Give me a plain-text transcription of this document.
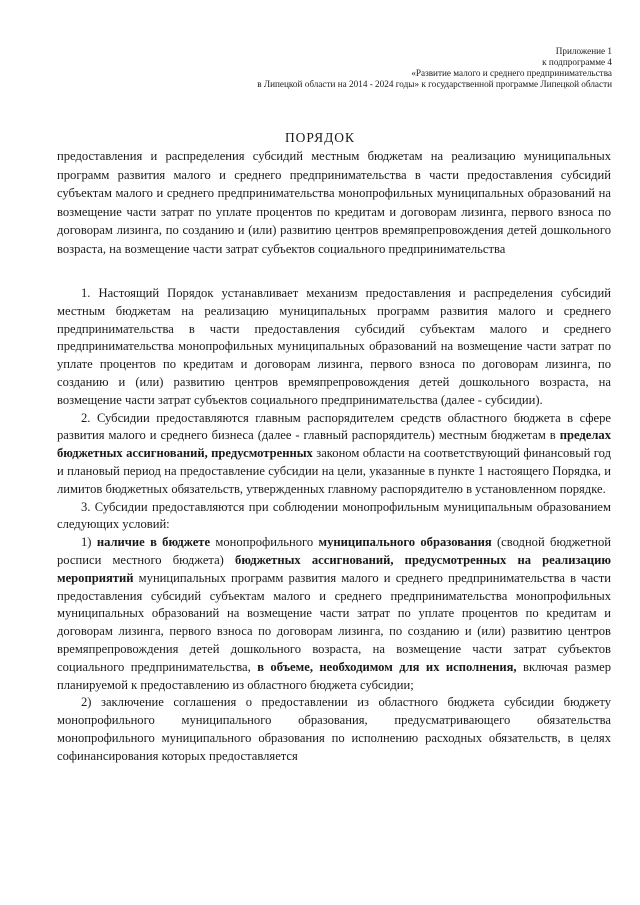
Приложение 1
к подпрограмме 4
«Развитие малого и среднего предпринимательства
в Липецкой области на 2014 - 2024 годы» к государственной программе Липецкой области
ПОРЯДОК
предоставления и распределения субсидий местным бюджетам на реализацию муниципальных программ развития малого и среднего предпринимательства в части предоставления субсидий субъектам малого и среднего предпринимательства монопрофильных муниципальных образований на возмещение части затрат по уплате процентов по кредитам и договорам лизинга, первого взноса по договорам лизинга, по созданию и (или) развитию центров времяпрепровождения детей дошкольного возраста, на возмещение части затрат субъектов социального предпринимательства

1. Настоящий Порядок устанавливает механизм предоставления и распределения субсидий местным бюджетам на реализацию муниципальных программ развития малого и среднего предпринимательства в части предоставления субсидий субъектам малого и среднего предпринимательства монопрофильных муниципальных образований на возмещение части затрат по уплате процентов по кредитам и договорам лизинга, первого взноса по договорам лизинга, по созданию и (или) развитию центров времяпрепровождения детей дошкольного возраста, на возмещение части затрат субъектов социального предпринимательства (далее - субсидии).

2. Субсидии предоставляются главным распорядителем средств областного бюджета в сфере развития малого и среднего бизнеса (далее - главный распорядитель) местным бюджетам в пределах бюджетных ассигнований, предусмотренных законом области на соответствующий финансовый год и плановый период на предоставление субсидии на цели, указанные в пункте 1 настоящего Порядка, и лимитов бюджетных обязательств, утвержденных главному распорядителю в установленном порядке.

3. Субсидии предоставляются при соблюдении монопрофильным муниципальным образованием следующих условий:

1) наличие в бюджете монопрофильного муниципального образования (сводной бюджетной росписи местного бюджета) бюджетных ассигнований, предусмотренных на реализацию мероприятий муниципальных программ развития малого и среднего предпринимательства в части предоставления субсидий субъектам малого и среднего предпринимательства монопрофильных муниципальных образований на возмещение части затрат по уплате процентов по кредитам и договорам лизинга, первого взноса по договорам лизинга, по созданию и (или) развитию центров времяпрепровождения детей дошкольного возраста, на возмещение части затрат субъектов социального предпринимательства, в объеме, необходимом для их исполнения, включая размер планируемой к предоставлению из областного бюджета субсидии;

2) заключение соглашения о предоставлении из областного бюджета субсидии бюджету монопрофильного муниципального образования, предусматривающего обязательства монопрофильного муниципального образования по исполнению расходных обязательств, в целях софинансирования которых предоставляется
